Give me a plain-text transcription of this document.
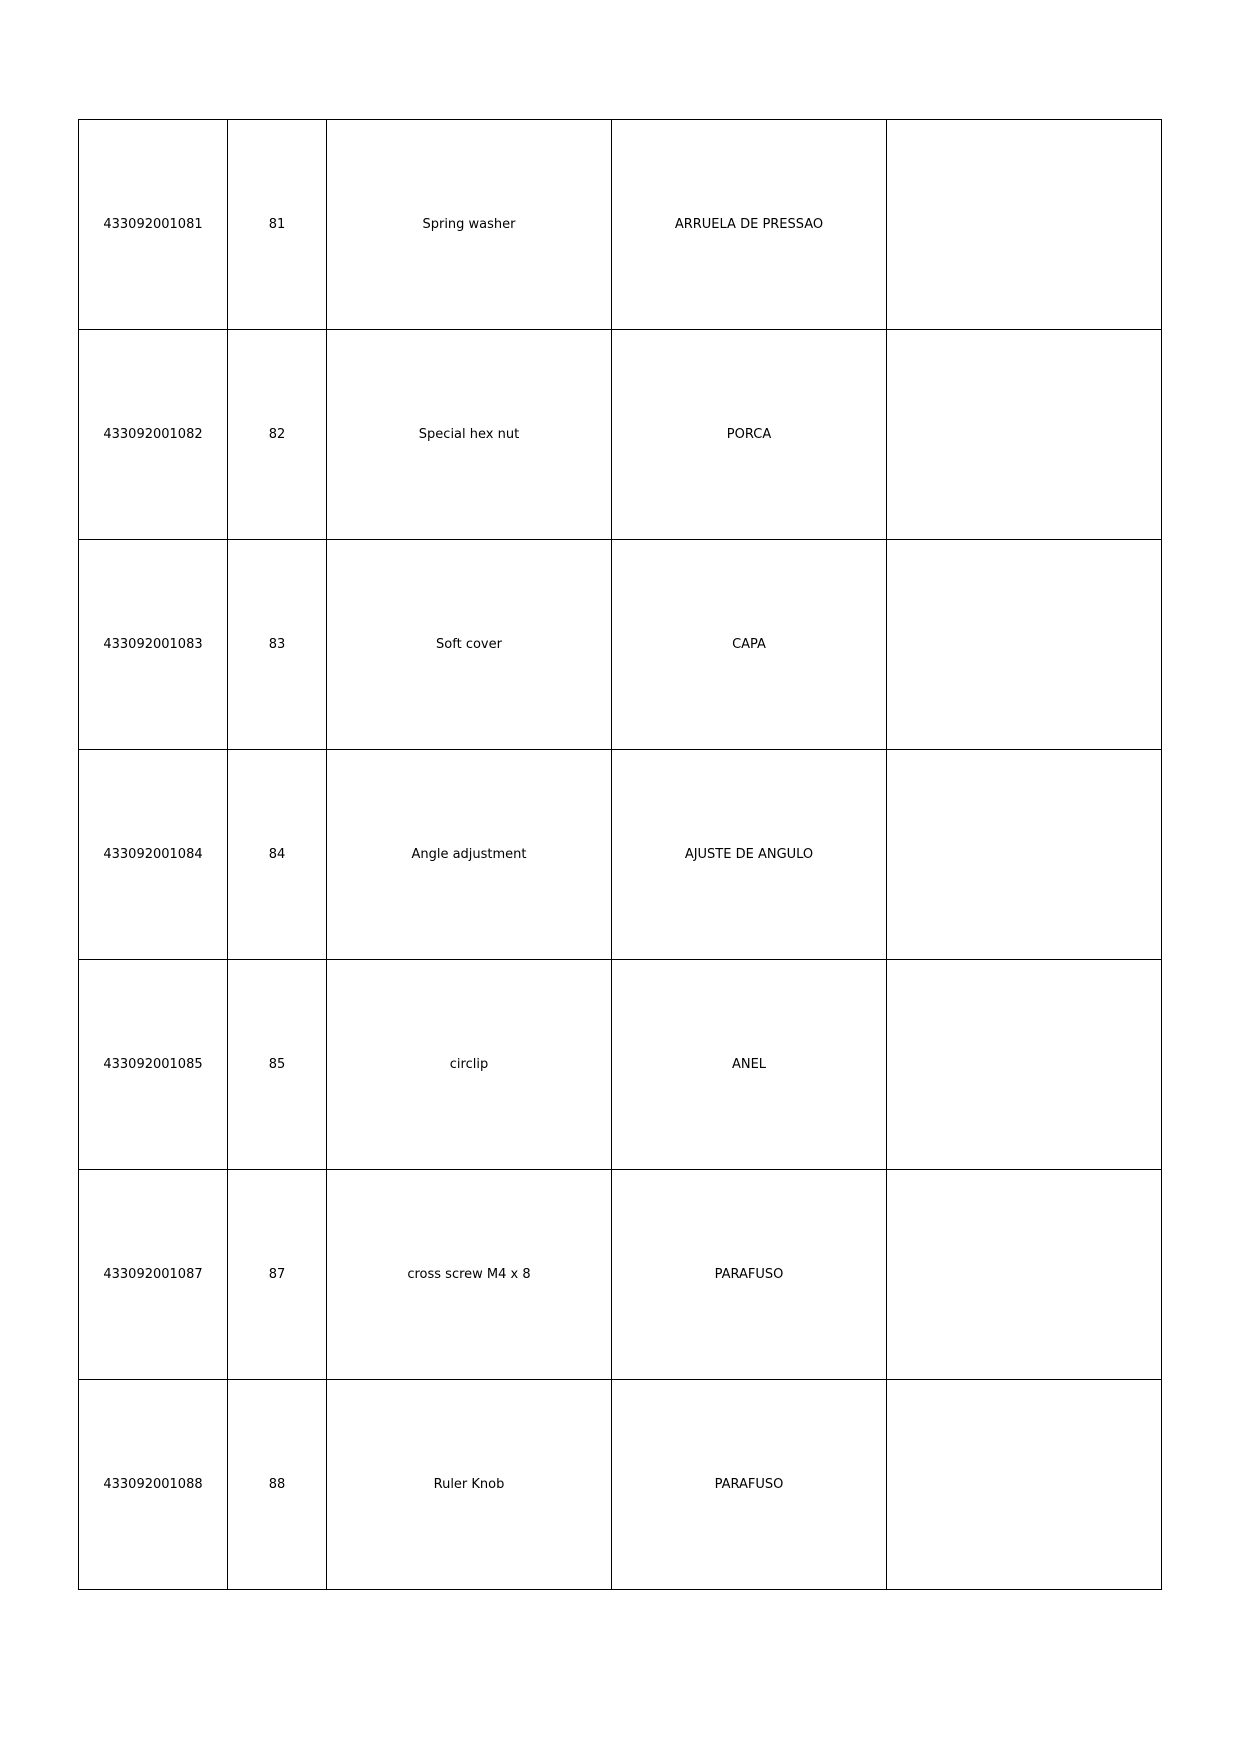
433092001081	81	Spring washer	ARRUELA DE PRESSAO	
433092001082	82	Special hex nut	PORCA	
433092001083	83	Soft cover	CAPA	
433092001084	84	Angle adjustment	AJUSTE DE ANGULO	
433092001085	85	circlip	ANEL	
433092001087	87	cross screw M4 x 8	PARAFUSO	
433092001088	88	Ruler Knob	PARAFUSO	
